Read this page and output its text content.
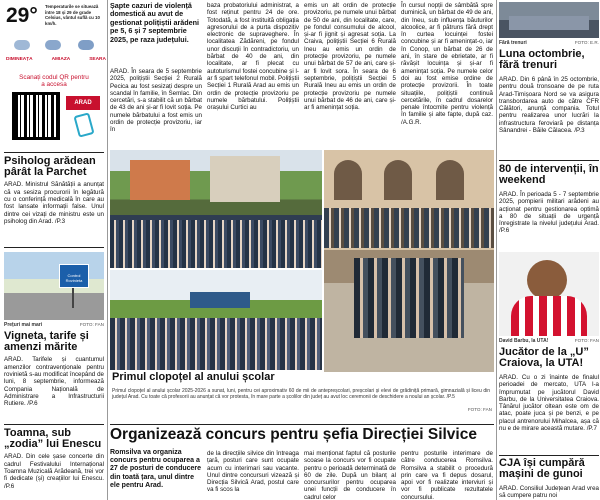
29° Temperaturile se situează între 18 și 29 de grade Celsius, vântul suflă cu 10 km/h.
DIMINEAȚA	AMIAZA	SEARA
Scanați codul QR pentru
a accesa
ARAD
Psiholog arădean pârât la Parchet
ARAD. Ministrul Sănătății a anunțat că va sesiza procurorii în legătură cu o conferință medicală în care au fost lansate informații false. Unul dintre cei vizați de ministru este un psiholog din Arad. /P.3
Control Rovinieta
Prețuri mai mari	FOTO: FAN
Vigneta, tarife și amenzi mărite
ARAD. Tarifele și cuantumul amenzilor contravenționale pentru rovinietă s-au modificat începând de luni, 8 septembrie, informează Compania Națională de Administrare a Infrastructurii Rutiere. /P.6
Toamna, sub „zodia” lui Enescu
ARAD. Din cele șase concerte din cadrul Festivalului Internațional Toamna Muzicală Arădeană, trei vor fi dedicate (și) creațiilor lui Enescu. /P.6
Șapte cazuri de violență domestică au avut de gestionat polițiștii arădeni pe 5, 6 și 7 septembrie 2025, pe raza județului.
ARAD. În seara de 5 septembrie 2025, polițiștii Secției 2 Rurală Pecica au fost sesizați despre un scandal în familie, în Semlac. Din cercetări, s-a stabilit că un bărbat de 43 de ani și-ar fi lovit soția. Pe numele bărbatului a fost emis un ordin de protecție provizoriu, iar în
baza probatoriului administrat, a fost reținut pentru 24 de ore. Totodată, a fost instituită obligația agresorului de a purta dispozitiv electronic de supraveghere. În localitatea Zădăreni, pe fondul unor discuții în contradictoriu, un bărbat de 40 de ani, din localitate, ar fi plecat cu autoturismul fostei concubine și l-ar fi spart telefonul mobil. Polițiștii Secției 1 Rurală Arad au emis un ordin de protecție provizoriu pe numele bărbatului. Polițiștii orașului Curtici au
emis un alt ordin de protecție provizoriu, pe numele unui bărbat de 50 de ani, din localitate, care, pe fondul consumului de alcool, și-ar fi jignit și agresat soția. La Craiva, polițiștii Secției 6 Rurală Ineu au emis un ordin de protecție provizoriu, pe numele unui bărbat de 57 de ani, care și-ar fi lovit sora. În seara de 6 septembrie, polițiștii Secției 5 Rurală Ineu au emis un ordin de protecție provizoriu pe numele unui bărbat de 46 de ani, care și-ar fi amenințat soția.
În cursul nopții de sâmbătă spre duminică, un bărbat de 49 de ani, din Ineu, sub influența băuturilor alcoolice, ar fi pătruns fără drept în curtea locuinței fostei concubine și ar fi amenințat-o, iar în Conop, un bărbat de 26 de ani, în stare de ebrietate, ar fi răvășit locuința și și-ar fi amenințat soția. Pe numele celor doi au fost emise ordine de protecție provizorii. În toate situațiile, polițiștii continuă cercetările, în cadrul dosarelor penale întocmite pentru violență în familie și alte fapte, după caz. /A.G.R.
Primul clopoțel al anului școlar
Primul clopoțel al anului școlar 2025-2026 a sunat, luni, pentru cei aproximativ 60 de mii de antepreșcolari, preșcolari și elevi de grădiniță primară, gimnazială și liceu din județul Arad. Cu toate că profesorii au anunțat că vor protesta, în mare parte a școlilor din județ au avut loc ceremonii de deschidere a noului an școlar. /P.5
FOTO: FAN
Organizează concurs pentru șefia Direcției Silvice
Romsilva va organiza concurs pentru ocuparea a 27 de posturi de conducere din toată țara, unul dintre ele pentru Arad.
de la direcțiile silvice din întreaga țară, posturi care sunt ocupate acum cu interimari sau vacante. Unul dintre concursuri vizează și Direcția Silvică Arad, postul care va fi scos la
mai menționat faptul că posturile scoase la concurs vor fi ocupate pentru o perioadă determinată de 60 de zile. După un bilanț al concursurilor pentru ocuparea unei funcții de conducere în cadrul celor
pentru posturile interimare de către conducerea Romsilva. Romsilva a stabilit o procedură prin care va fi depus dosarul, apoi vor fi realizate interviuri și vor fi publicate rezultatele concursului.
Fără trenuri	FOTO: E.R.
Luna octombrie, fără trenuri
ARAD. Din 6 până în 25 octombrie, pentru două tronsoane de pe ruta Arad-Timișoara Nord se va asigura transbordarea auto de către CFR Călători, anunță compania. Totul pentru realizarea unor lucrări la infrastructura feroviară pe distanța Sânandrei - Băile Călacea. /P.3
80 de intervenții, în weekend
ARAD. În perioada 5 - 7 septembrie 2025, pompierii militari arădeni au acționat pentru gestionarea optimă a 80 de situații de urgență înregistrate la nivelul județului Arad. /P.6
David Barbu, la UTA!	FOTO: FAN
Jucător de la „U” Craiova, la UTA!
ARAD. Cu o zi înainte de finalul perioadei de mercato, UTA l-a împrumutat pe jucătorul David Barbu, de la Universitatea Craiova. Tânărul jucător oltean este om de atac, poate juca și pe benzi, e pe placul antrenorului Mihalcea, așa că nu e de mirare această mutare. /P.7
CJA își cumpără mașini de gunoi
ARAD. Consiliul Județean Arad vrea să cumpere patru noi
